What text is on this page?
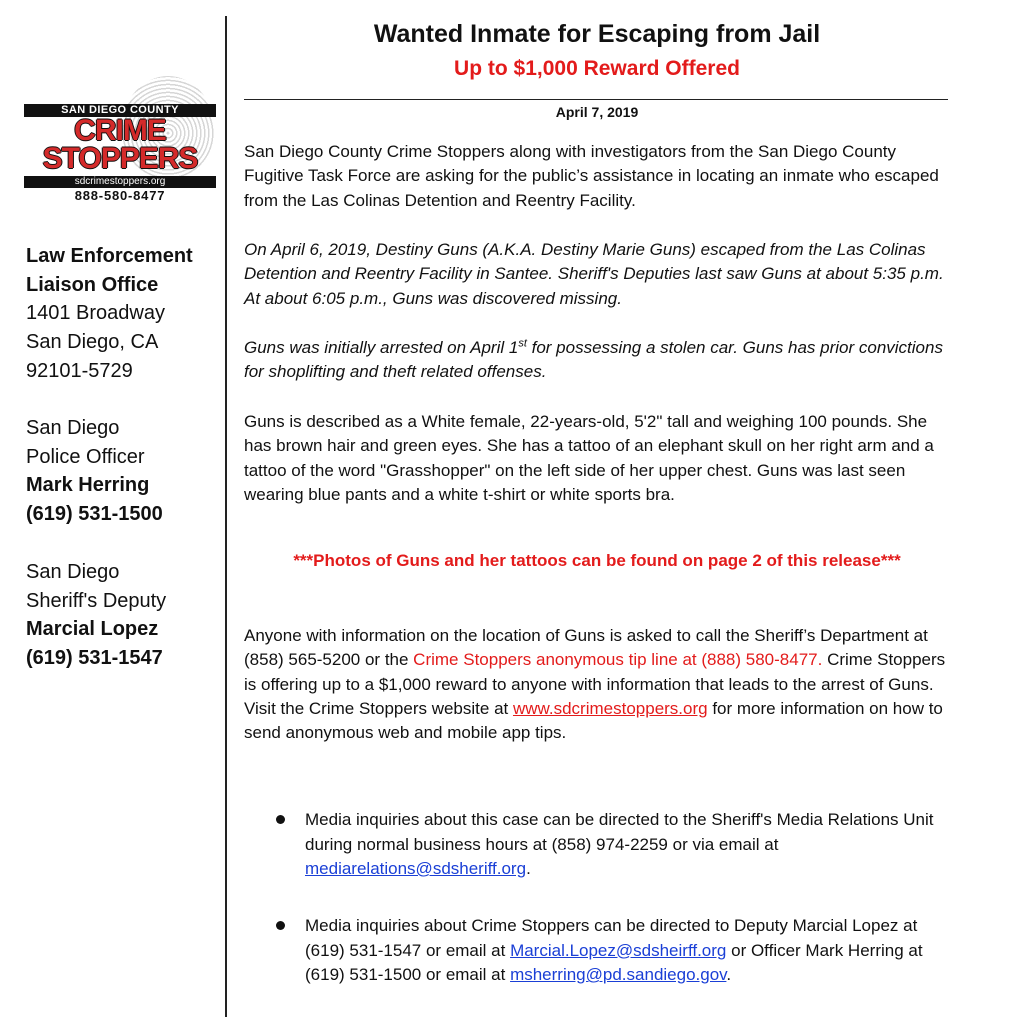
SAN DIEGO COUNTY
CRIME
STOPPERS
sdcrimestoppers.org
888-580-8477
Law Enforcement
Liaison Office
1401 Broadway
San Diego, CA
92101-5729
San Diego
Police Officer
Mark Herring
(619) 531-1500
San Diego
Sheriff's Deputy
Marcial Lopez
(619) 531-1547
Wanted Inmate for Escaping from Jail
Up to $1,000 Reward Offered
April 7, 2019
San Diego County Crime Stoppers along with investigators from the San Diego County Fugitive Task Force are asking for the public’s assistance in locating an inmate who escaped from the Las Colinas Detention and Reentry Facility.
On April 6, 2019, Destiny Guns (A.K.A. Destiny Marie Guns) escaped from the Las Colinas Detention and Reentry Facility in Santee. Sheriff's Deputies last saw Guns at about 5:35 p.m. At about 6:05 p.m., Guns was discovered missing.
Guns was initially arrested on April 1st for possessing a stolen car. Guns has prior convictions for shoplifting and theft related offenses.
Guns is described as a White female, 22-years-old, 5'2" tall and weighing 100 pounds. She has brown hair and green eyes. She has a tattoo of an elephant skull on her right arm and a tattoo of the word "Grasshopper" on the left side of her upper chest. Guns was last seen wearing blue pants and a white t-shirt or white sports bra.
***Photos of Guns and her tattoos can be found on page 2 of this release***
Anyone with information on the location of Guns is asked to call the Sheriff’s Department at (858) 565-5200 or the Crime Stoppers anonymous tip line at (888) 580-8477. Crime Stoppers is offering up to a $1,000 reward to anyone with information that leads to the arrest of Guns. Visit the Crime Stoppers website at www.sdcrimestoppers.org for more information on how to send anonymous web and mobile app tips.
Media inquiries about this case can be directed to the Sheriff's Media Relations Unit during normal business hours at (858) 974-2259 or via email at mediarelations@sdsheriff.org.
Media inquiries about Crime Stoppers can be directed to Deputy Marcial Lopez at (619) 531-1547 or email at Marcial.Lopez@sdsheirff.org or Officer Mark Herring at (619) 531-1500 or email at msherring@pd.sandiego.gov.
